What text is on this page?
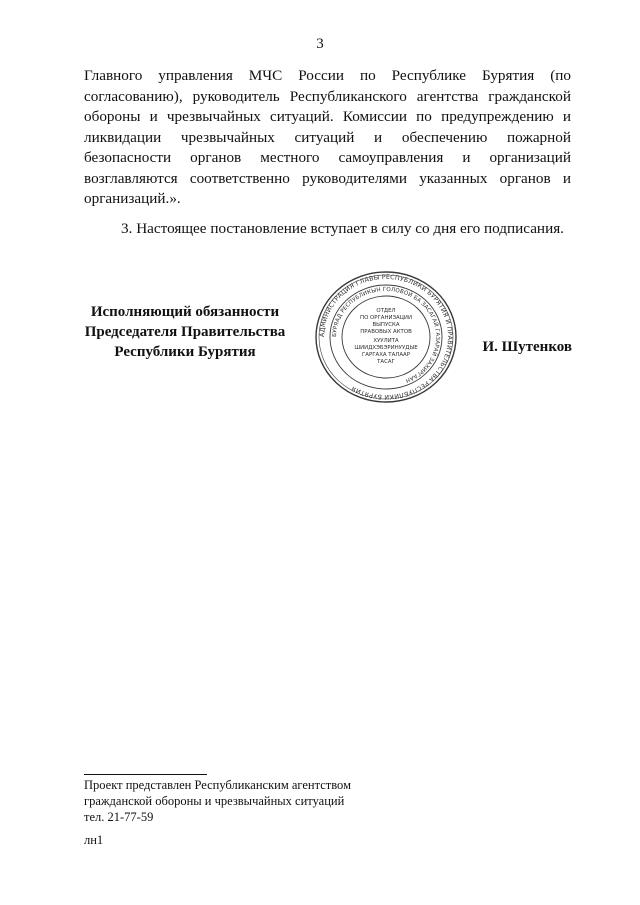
3

Главного управления МЧС России по Республике Бурятия (по согласованию), руководитель Республиканского агентства гражданской обороны и чрезвычайных ситуаций. Комиссии по предупреждению и ликвидации чрезвычайных ситуаций и обеспечению пожарной безопасности органов местного самоуправления и организаций возглавляются соответственно руководителями указанных органов и организаций.».

3. Настоящее постановление вступает в силу со дня его подписания.

Исполняющий обязанности
Председателя Правительства
Республики Бурятия
АДМИНИСТРАЦИЯ ГЛАВЫ РЕСПУБЛИКИ БУРЯТИЯ И ПРАВИТЕЛЬСТВА РЕСПУБЛИКИ БУРЯТИЯ
БУРЯАД РЕСПУБЛИКЫН ГОЛОВОЙ БА ЗАСАГАЙ ГАЗАРАЙ ЗАХИРГААН
ОТДЕЛ
ПО ОРГАНИЗАЦИИ
ВЫПУСКА
ПРАВОВЫХ АКТОВ
ХУУЛИТА
ШИИДХЭБЭРИНУУДЫЕ
ГАРГАХА ТАЛААР
ТАСАГ
И. Шутенков
Проект представлен Республиканским агентством
гражданской обороны и чрезвычайных ситуаций
тел. 21-77-59
лн1
